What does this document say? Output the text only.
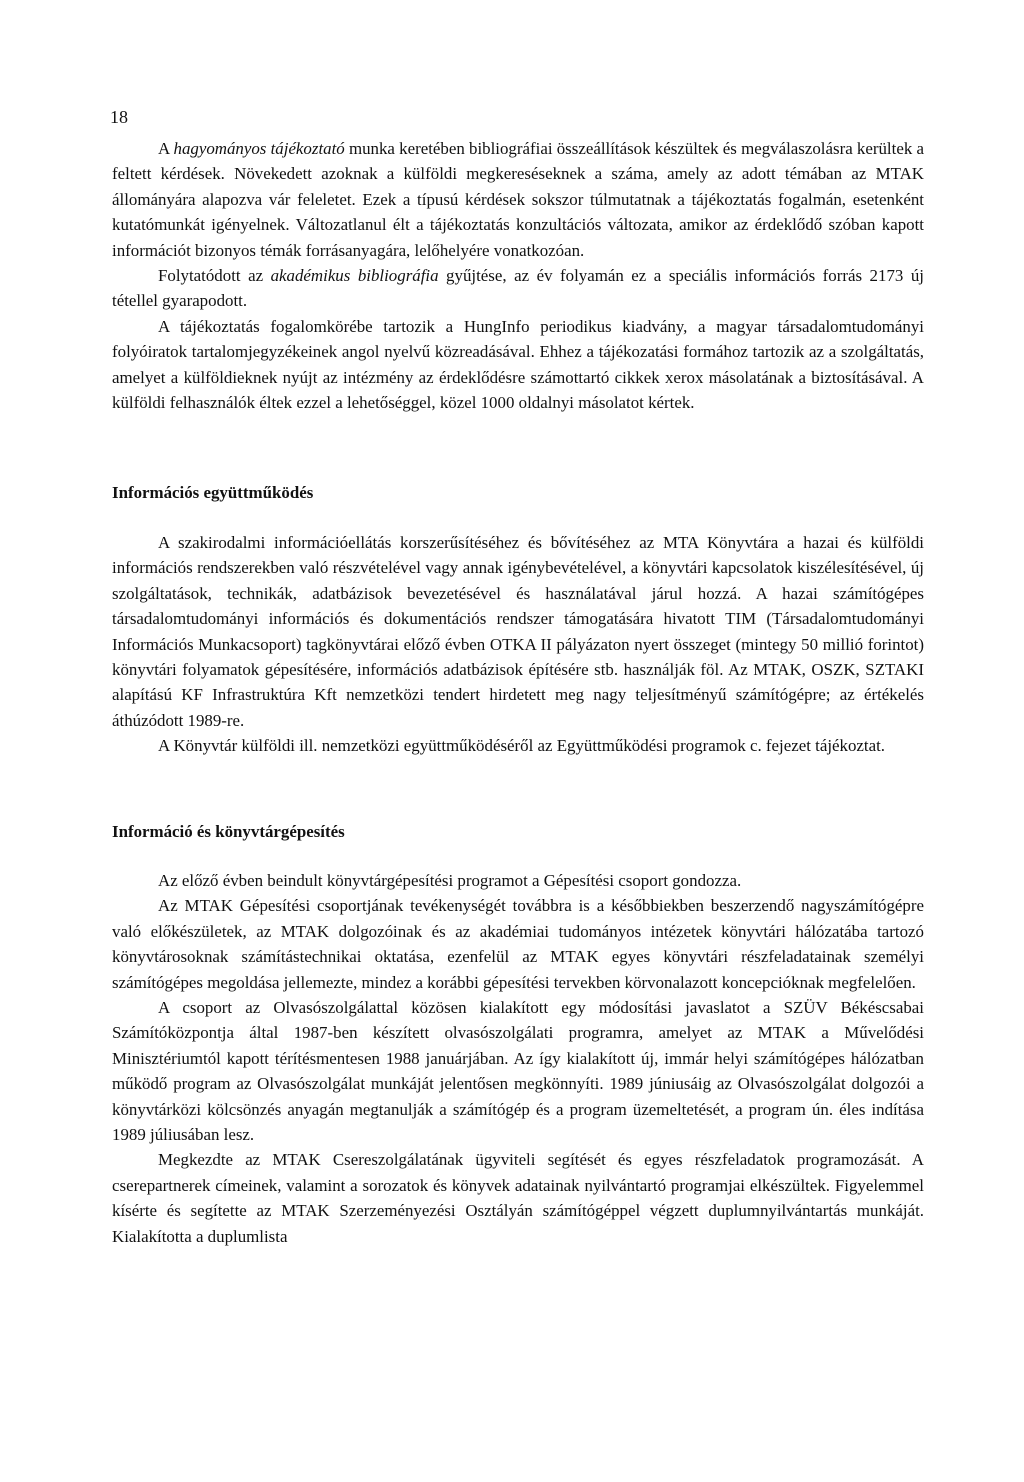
18

A hagyományos tájékoztató munka keretében bibliográfiai összeállítások készültek és megválaszolásra kerültek a feltett kérdések. Növekedett azoknak a külföldi megkereséseknek a száma, amely az adott témában az MTAK állományára alapozva vár feleletet. Ezek a típusú kérdések sokszor túlmutatnak a tájékoztatás fogalmán, esetenként kutatómunkát igényelnek. Változatlanul élt a tájékoztatás konzultációs változata, amikor az érdeklődő szóban kapott információt bizonyos témák forrásanyagára, lelőhelyére vonatkozóan.

Folytatódott az akadémikus bibliográfia gyűjtése, az év folyamán ez a speciális információs forrás 2173 új tétellel gyarapodott.

A tájékoztatás fogalomkörébe tartozik a HungInfo periodikus kiadvány, a magyar társadalomtudományi folyóiratok tartalomjegyzékeinek angol nyelvű közreadásával. Ehhez a tájékozatási formához tartozik az a szolgáltatás, amelyet a külföldieknek nyújt az intézmény az érdeklődésre számottartó cikkek xerox másolatának a biztosításával. A külföldi felhasználók éltek ezzel a lehetőséggel, közel 1000 oldalnyi másolatot kértek.

Információs együttműködés

A szakirodalmi információellátás korszerűsítéséhez és bővítéséhez az MTA Könyvtára a hazai és külföldi információs rendszerekben való részvételével vagy annak igénybevételével, a könyvtári kapcsolatok kiszélesítésével, új szolgáltatások, technikák, adatbázisok bevezetésével és használatával járul hozzá. A hazai számítógépes társadalomtudományi információs és dokumentációs rendszer támogatására hivatott TIM (Társadalomtudományi Információs Munkacsoport) tagkönyvtárai előző évben OTKA II pályázaton nyert összeget (mintegy 50 millió forintot) könyvtári folyamatok gépesítésére, információs adatbázisok építésére stb. használják föl. Az MTAK, OSZK, SZTAKI alapítású KF Infrastruktúra Kft nemzetközi tendert hirdetett meg nagy teljesítményű számítógépre; az értékelés áthúzódott 1989-re.

A Könyvtár külföldi ill. nemzetközi együttműködéséről az Együttműködési programok c. fejezet tájékoztat.

Információ és könyvtárgépesítés

Az előző évben beindult könyvtárgépesítési programot a Gépesítési csoport gondozza.

Az MTAK Gépesítési csoportjának tevékenységét továbbra is a későbbiekben beszerzendő nagyszámítógépre való előkészületek, az MTAK dolgozóinak és az akadémiai tudományos intézetek könyvtári hálózatába tartozó könyvtárosoknak számítástechnikai oktatása, ezenfelül az MTAK egyes könyvtári részfeladatainak személyi számítógépes megoldása jellemezte, mindez a korábbi gépesítési tervekben körvonalazott koncepcióknak megfelelően.

A csoport az Olvasószolgálattal közösen kialakított egy módosítási javaslatot a SZÜV Békéscsabai Számítóközpontja által 1987-ben készített olvasószolgálati programra, amelyet az MTAK a Művelődési Minisztériumtól kapott térítésmentesen 1988 januárjában. Az így kialakított új, immár helyi számítógépes hálózatban működő program az Olvasószolgálat munkáját jelentősen megkönnyíti. 1989 júniusáig az Olvasószolgálat dolgozói a könyvtárközi kölcsönzés anyagán megtanulják a számítógép és a program üzemeltetését, a program ún. éles indítása 1989 júliusában lesz.

Megkezdte az MTAK Csereszolgálatának ügyviteli segítését és egyes részfeladatok programozását. A cserepartnerek címeinek, valamint a sorozatok és könyvek adatainak nyilvántartó programjai elkészültek. Figyelemmel kísérte és segítette az MTAK Szerzeményezési Osztályán számítógéppel végzett duplumnyilvántartás munkáját. Kialakította a duplumlista
